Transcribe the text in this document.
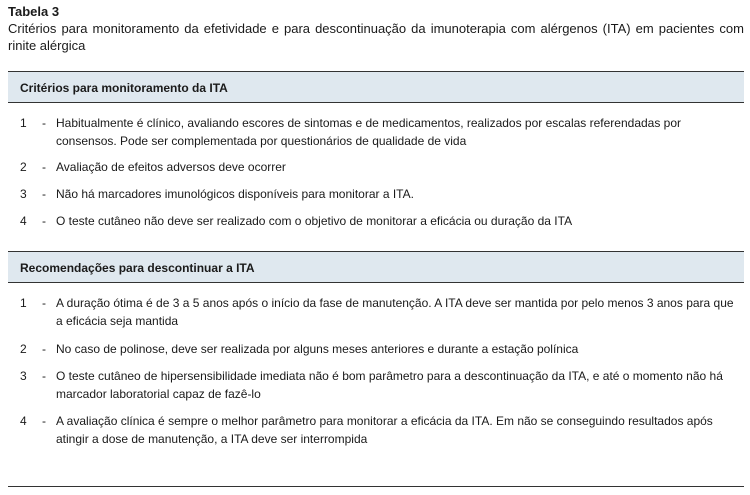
Tabela 3
Critérios para monitoramento da efetividade e para descontinuação da imunoterapia com alérgenos (ITA) em pacientes com rinite alérgica
Critérios para monitoramento da ITA
1	- Habitualmente é clínico, avaliando escores de sintomas e de medicamentos, realizados por escalas referendadas por consensos. Pode ser complementada por questionários de qualidade de vida
2	- Avaliação de efeitos adversos deve ocorrer
3	- Não há marcadores imunológicos disponíveis para monitorar a ITA.
4	- O teste cutâneo não deve ser realizado com o objetivo de monitorar a eficácia ou duração da ITA
Recomendações para descontinuar a ITA
1	- A duração ótima é de 3 a 5 anos após o início da fase de manutenção. A ITA deve ser mantida por pelo menos 3 anos para que a eficácia seja mantida
2	- No caso de polinose, deve ser realizada por alguns meses anteriores e durante a estação polínica
3	- O teste cutâneo de hipersensibilidade imediata não é bom parâmetro para a descontinuação da ITA, e até o momento não há marcador laboratorial capaz de fazê-lo
4	- A avaliação clínica é sempre o melhor parâmetro para monitorar a eficácia da ITA. Em não se conseguindo resultados após atingir a dose de manutenção, a ITA deve ser interrompida
